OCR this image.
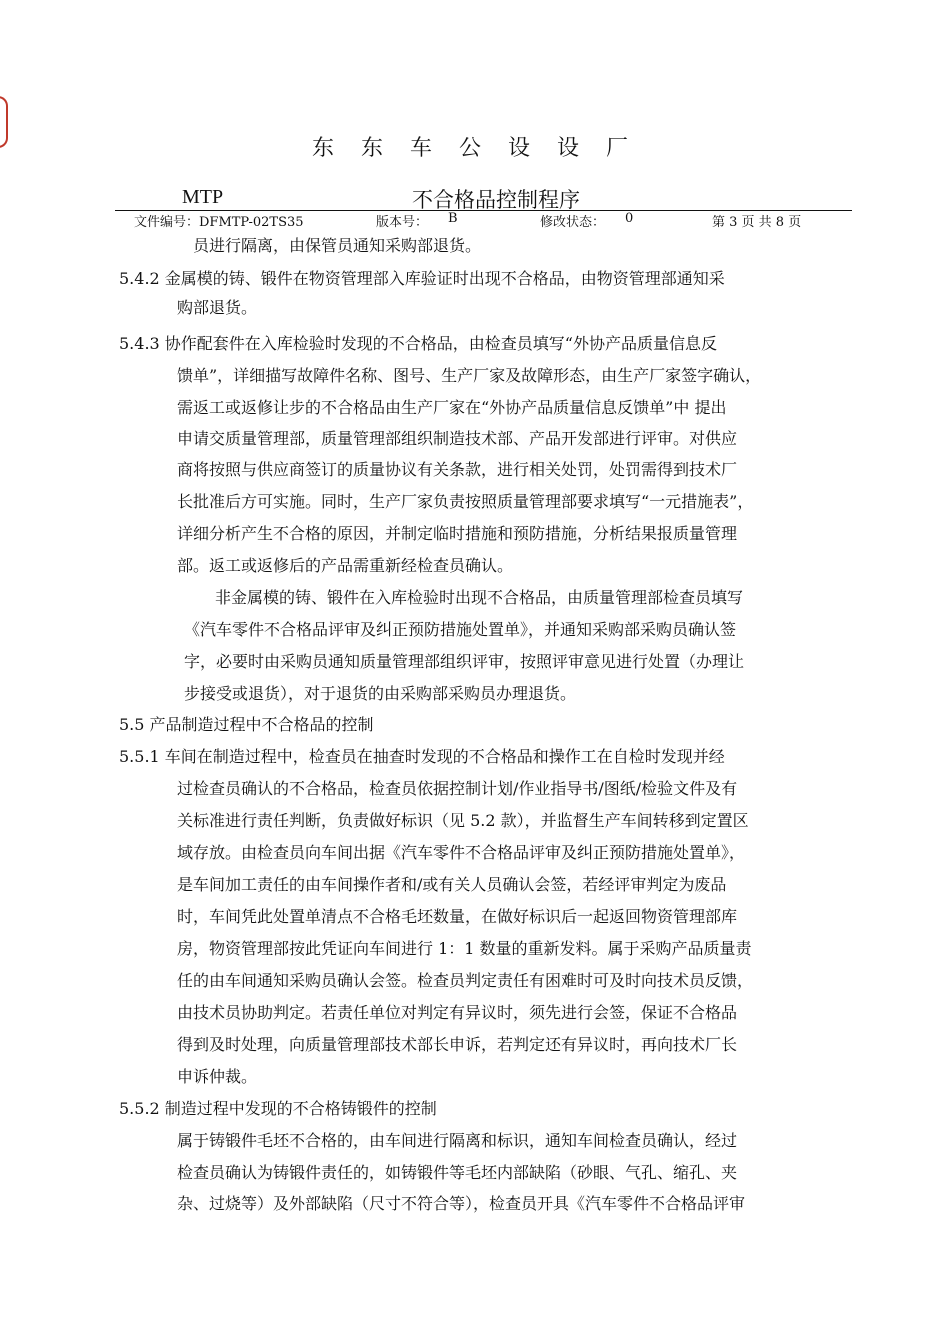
东 东 车 公 设 设 厂
MTP	不合格品控制程序
文件编号：DFMTP-02TS35	版本号： B	修改状态： 0	第 3 页 共 8 页
员进行隔离，由保管员通知采购部退货。
5.4.2 金属模的铸、锻件在物资管理部入库验证时出现不合格品，由物资管理部通知采
购部退货。
5.4.3 协作配套件在入库检验时发现的不合格品，由检查员填写“外协产品质量信息反
馈单”，详细描写故障件名称、图号、生产厂家及故障形态，由生产厂家签字确认，
需返工或返修让步的不合格品由生产厂家在“外协产品质量信息反馈单”中 提出
申请交质量管理部，质量管理部组织制造技术部、产品开发部进行评审。对供应
商将按照与供应商签订的质量协议有关条款，进行相关处罚，处罚需得到技术厂
长批准后方可实施。同时，生产厂家负责按照质量管理部要求填写“一元措施表”，
详细分析产生不合格的原因，并制定临时措施和预防措施，分析结果报质量管理
部。返工或返修后的产品需重新经检查员确认。
非金属模的铸、锻件在入库检验时出现不合格品，由质量管理部检查员填写
《汽车零件不合格品评审及纠正预防措施处置单》，并通知采购部采购员确认签
字，必要时由采购员通知质量管理部组织评审，按照评审意见进行处置（办理让
步接受或退货），对于退货的由采购部采购员办理退货。
5.5 产品制造过程中不合格品的控制
5.5.1 车间在制造过程中，检查员在抽查时发现的不合格品和操作工在自检时发现并经
过检查员确认的不合格品，检查员依据控制计划/作业指导书/图纸/检验文件及有
关标准进行责任判断，负责做好标识（见 5.2 款），并监督生产车间转移到定置区
域存放。由检查员向车间出据《汽车零件不合格品评审及纠正预防措施处置单》，
是车间加工责任的由车间操作者和/或有关人员确认会签，若经评审判定为废品
时，车间凭此处置单清点不合格毛坯数量，在做好标识后一起返回物资管理部库
房，物资管理部按此凭证向车间进行 1：1 数量的重新发料。属于采购产品质量责
任的由车间通知采购员确认会签。检查员判定责任有困难时可及时向技术员反馈，
由技术员协助判定。若责任单位对判定有异议时，须先进行会签，保证不合格品
得到及时处理，向质量管理部技术部长申诉，若判定还有异议时，再向技术厂长
申诉仲裁。
5.5.2 制造过程中发现的不合格铸锻件的控制
属于铸锻件毛坯不合格的，由车间进行隔离和标识，通知车间检查员确认，经过
检查员确认为铸锻件责任的，如铸锻件等毛坯内部缺陷（砂眼、气孔、缩孔、夹
杂、过烧等）及外部缺陷（尺寸不符合等），检查员开具《汽车零件不合格品评审
